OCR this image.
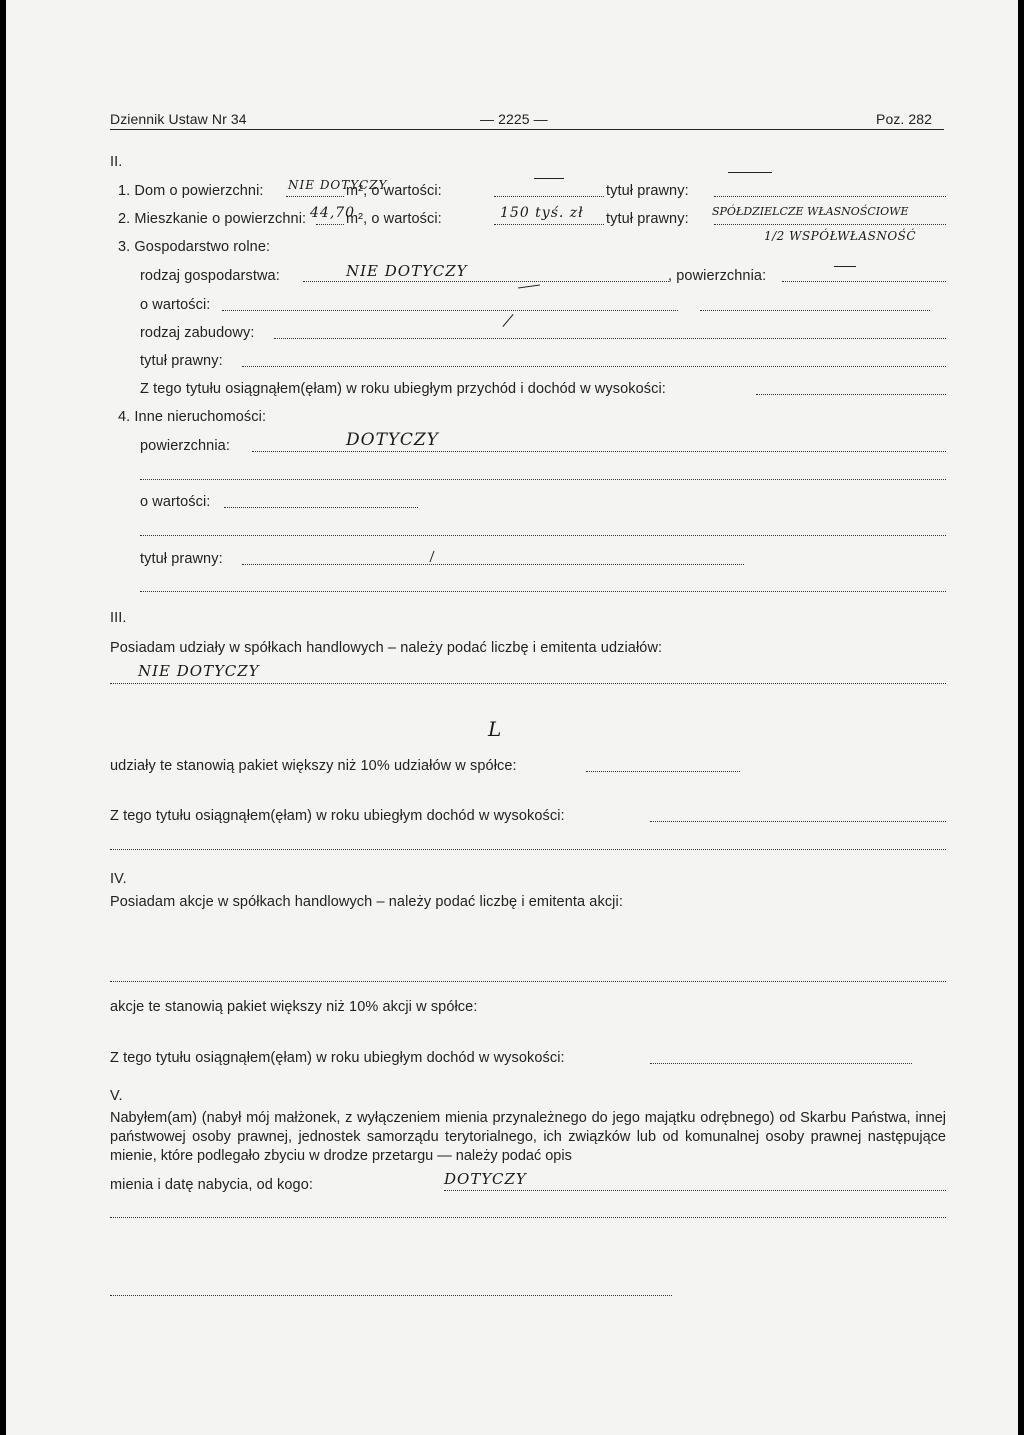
Dziennik Ustaw Nr 34	— 2225 —	Poz. 282
II.
1. Dom o powierzchni: NIE DOTYCZY
m², o wartości:	tytuł prawny:
2. Mieszkanie o powierzchni: 44,70
m², o wartości:	150 tyś. zł tytuł prawny: SPÓŁDZIELCZE WŁASNOŚCIOWE
1/2 WSPÓŁWŁASNOŚĆ
3. Gospodarstwo rolne:
rodzaj gospodarstwa:	NIE DOTYCZY	, powierzchnia:
o wartości:
rodzaj zabudowy:
tytuł prawny:
Z tego tytułu osiągnąłem(ęłam) w roku ubiegłym przychód i dochód w wysokości:
4. Inne nieruchomości:
powierzchnia:	DOTYCZY
o wartości:
tytuł prawny:
III.
Posiadam udziały w spółkach handlowych – należy podać liczbę i emitenta udziałów:
NIE DOTYCZY
L
udziały te stanowią pakiet większy niż 10% udziałów w spółce:
Z tego tytułu osiągnąłem(ęłam) w roku ubiegłym dochód w wysokości:
IV.
Posiadam akcje w spółkach handlowych – należy podać liczbę i emitenta akcji:
akcje te stanowią pakiet większy niż 10% akcji w spółce:
Z tego tytułu osiągnąłem(ęłam) w roku ubiegłym dochód w wysokości:
V.
Nabyłem(am) (nabył mój małżonek, z wyłączeniem mienia przynależnego do jego majątku odrębnego) od Skarbu Państwa, innej państwowej osoby prawnej, jednostek samorządu terytorialnego, ich związków lub od komunalnej osoby prawnej następujące mienie, które podlegało zbyciu w drodze przetargu — należy podać opis
mienia i datę nabycia, od kogo:	DOTYCZY
